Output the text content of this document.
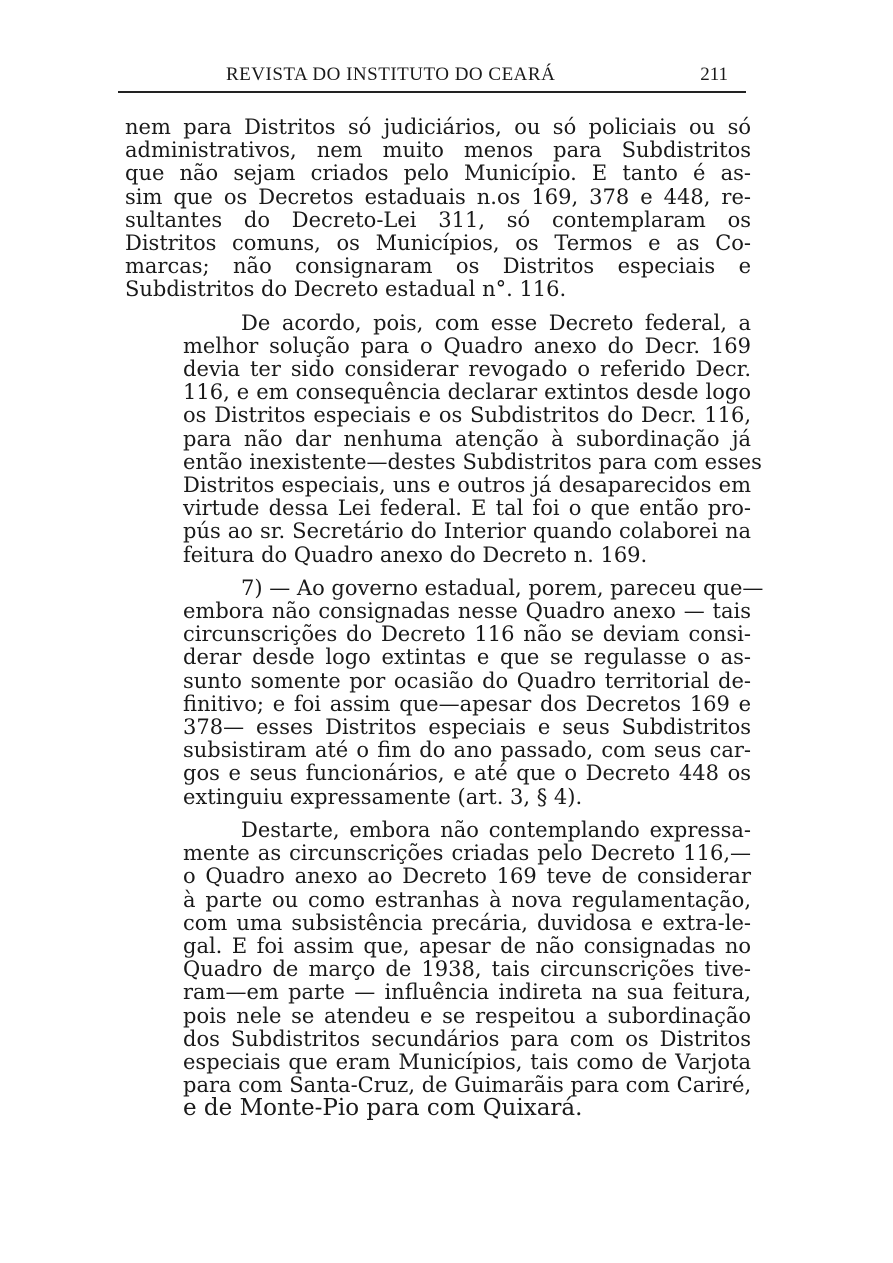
REVISTA DO INSTITUTO DO CEARÁ	211
nem para Distritos só judiciários, ou só policiais ou só
administrativos, nem muito menos para Subdistritos
que não sejam criados pelo Município. E tanto é as-
sim que os Decretos estaduais n.os 169, 378 e 448, re-
sultantes do Decreto-Lei 311, só contemplaram os
Distritos comuns, os Municípios, os Termos e as Co-
marcas; não consignaram os Distritos especiais e
Subdistritos do Decreto estadual n°. 116.
De acordo, pois, com esse Decreto federal, a
melhor solução para o Quadro anexo do Decr. 169
devia ter sido considerar revogado o referido Decr.
116, e em consequência declarar extintos desde logo
os Distritos especiais e os Subdistritos do Decr. 116,
para não dar nenhuma atenção à subordinação já
então inexistente—destes Subdistritos para com esses
Distritos especiais, uns e outros já desaparecidos em
virtude dessa Lei federal. E tal foi o que então pro-
pús ao sr. Secretário do Interior quando colaborei na
feitura do Quadro anexo do Decreto n. 169.
7) — Ao governo estadual, porem, pareceu que—
embora não consignadas nesse Quadro anexo — tais
circunscrições do Decreto 116 não se deviam consi-
derar desde logo extintas e que se regulasse o as-
sunto somente por ocasião do Quadro territorial de-
finitivo; e foi assim que—apesar dos Decretos 169 e
378— esses Distritos especiais e seus Subdistritos
subsistiram até o fim do ano passado, com seus car-
gos e seus funcionários, e até que o Decreto 448 os
extinguiu expressamente (art. 3, § 4).
Destarte, embora não contemplando expressa-
mente as circunscrições criadas pelo Decreto 116,—
o Quadro anexo ao Decreto 169 teve de considerar
à parte ou como estranhas à nova regulamentação,
com uma subsistência precária, duvidosa e extra-le-
gal. E foi assim que, apesar de não consignadas no
Quadro de março de 1938, tais circunscrições tive-
ram—em parte — influência indireta na sua feitura,
pois nele se atendeu e se respeitou a subordinação
dos Subdistritos secundários para com os Distritos
especiais que eram Municípios, tais como de Varjota
para com Santa-Cruz, de Guimarãis para com Cariré,
e de Monte-Pio para com Quixará.
